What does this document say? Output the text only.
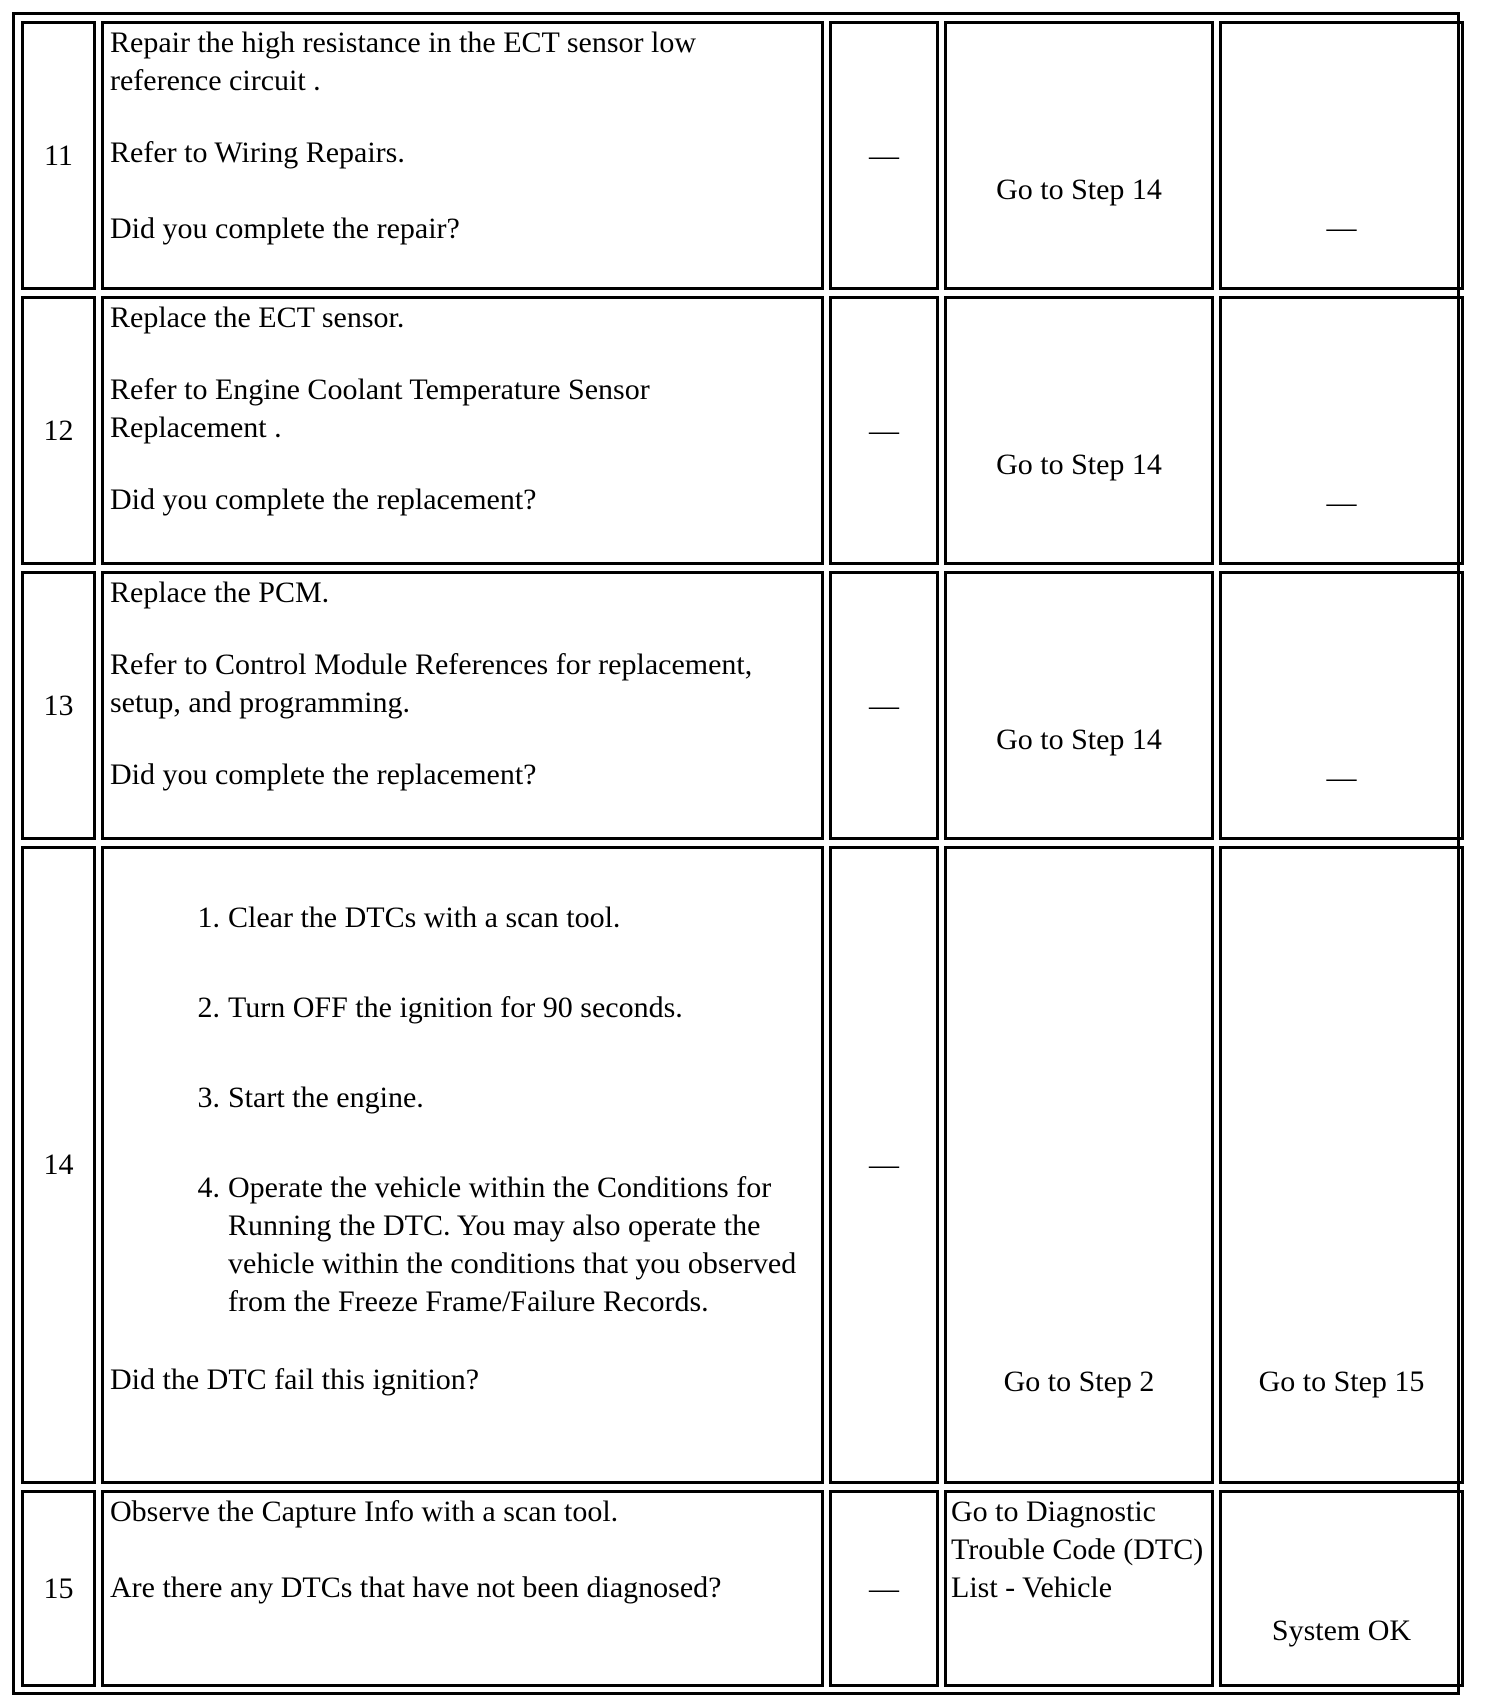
11

Repair the high resistance in the ECT sensor low reference circuit .

Refer to Wiring Repairs.

Did you complete the repair?

—
Go to Step 14
—
12

Replace the ECT sensor.

Refer to Engine Coolant Temperature Sensor Replacement .

Did you complete the replacement?

—
Go to Step 14
—
13

Replace the PCM.

Refer to Control Module References for replacement, setup, and programming.

Did you complete the replacement?

—
Go to Step 14
—
14
1. Clear the DTCs with a scan tool.
2. Turn OFF the ignition for 90 seconds.
3. Start the engine.
4. Operate the vehicle within the Conditions for Running the DTC. You may also operate the vehicle within the conditions that you observed from the Freeze Frame/Failure Records.

Did the DTC fail this ignition?

—
Go to Step 2	Go to Step 15
15

Observe the Capture Info with a scan tool.

Are there any DTCs that have not been diagnosed?	—
Go to Diagnostic Trouble Code (DTC) List - Vehicle
System OK
